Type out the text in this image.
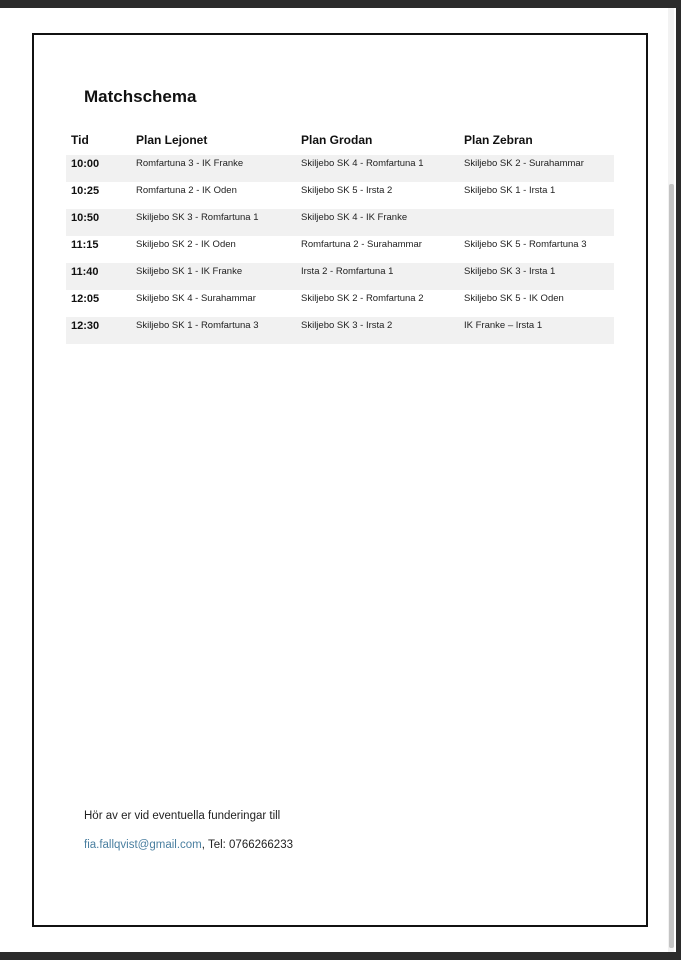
Matchschema
Tid	Plan Lejonet	Plan Grodan	Plan Zebran
10:00	Romfartuna 3 - IK Franke	Skiljebo SK 4 - Romfartuna 1	Skiljebo SK 2 - Surahammar
10:25	Romfartuna 2 - IK Oden	Skiljebo SK 5 - Irsta 2	Skiljebo SK 1 - Irsta 1
10:50	Skiljebo SK 3 - Romfartuna 1	Skiljebo SK 4 - IK Franke	
11:15	Skiljebo SK 2 - IK Oden	Romfartuna 2 - Surahammar	Skiljebo SK 5 - Romfartuna 3
11:40	Skiljebo SK 1 - IK Franke	Irsta 2 - Romfartuna 1	Skiljebo SK 3 - Irsta 1
12:05	Skiljebo SK 4 - Surahammar	Skiljebo SK 2 - Romfartuna 2	Skiljebo SK 5 - IK Oden
12:30	Skiljebo SK 1 - Romfartuna 3	Skiljebo SK 3 - Irsta 2	IK Franke – Irsta 1
Hör av er vid eventuella funderingar till
fia.fallqvist@gmail.com, Tel: 0766266233
